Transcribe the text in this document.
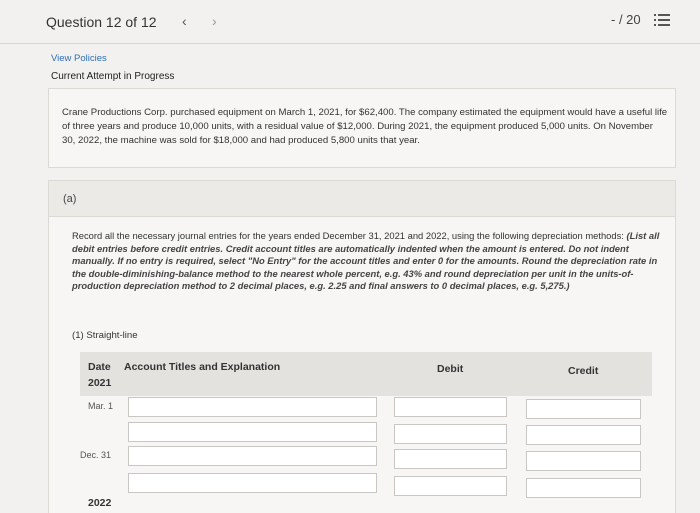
Question 12 of 12 ‹ ›	- / 20
View Policies
Current Attempt in Progress
Crane Productions Corp. purchased equipment on March 1, 2021, for $62,400. The company estimated the equipment would have a useful life of three years and produce 10,000 units, with a residual value of $12,000. During 2021, the equipment produced 5,000 units. On November 30, 2022, the machine was sold for $18,000 and had produced 5,800 units that year.
(a)
Record all the necessary journal entries for the years ended December 31, 2021 and 2022, using the following depreciation methods: (List all debit entries before credit entries. Credit account titles are automatically indented when the amount is entered. Do not indent manually. If no entry is required, select "No Entry" for the account titles and enter 0 for the amounts. Round the depreciation rate in the double-diminishing-balance method to the nearest whole percent, e.g. 43% and round depreciation per unit in the units-of-production depreciation method to 2 decimal places, e.g. 2.25 and final answers to 0 decimal places, e.g. 5,275.)
(1) Straight-line
Date Account Titles and Explanation
2021
Debit	Credit
Mar. 1
Dec. 31
2022
